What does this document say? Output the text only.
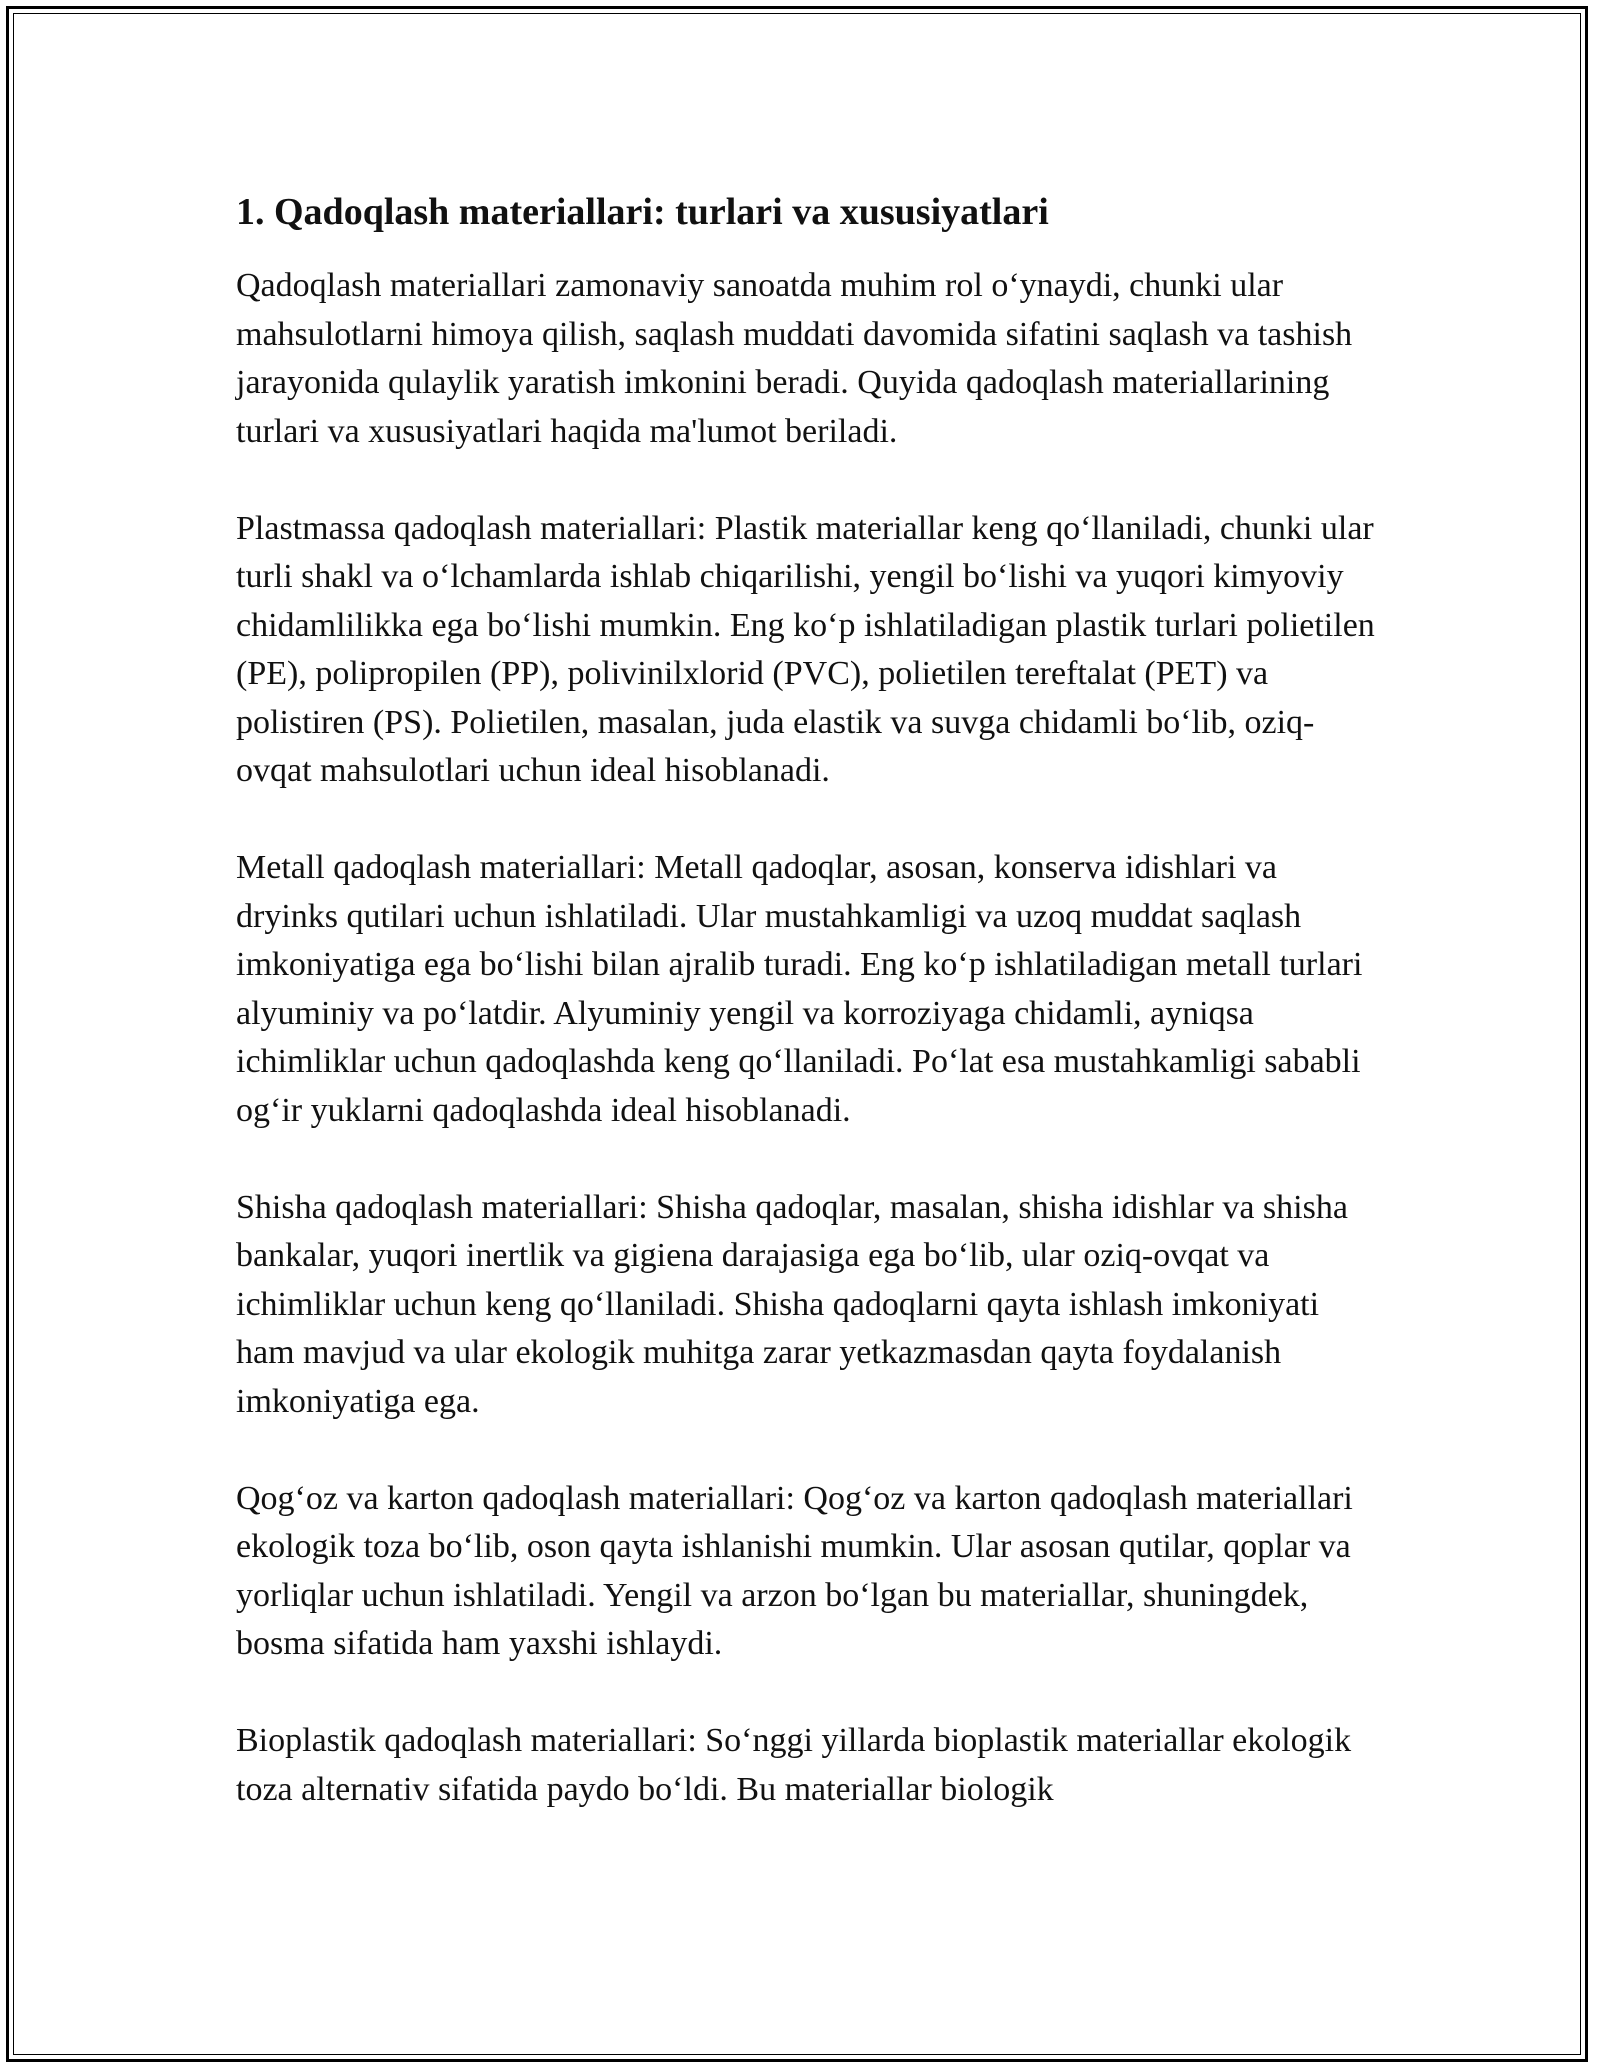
1. Qadoqlash materiallari: turlari va xususiyatlari

Qadoqlash materiallari zamonaviy sanoatda muhim rol oʻynaydi, chunki ular mahsulotlarni himoya qilish, saqlash muddati davomida sifatini saqlash va tashish jarayonida qulaylik yaratish imkonini beradi. Quyida qadoqlash materiallarining turlari va xususiyatlari haqida ma'lumot beriladi.

Plastmassa qadoqlash materiallari: Plastik materiallar keng qoʻllaniladi, chunki ular turli shakl va oʻlchamlarda ishlab chiqarilishi, yengil boʻlishi va yuqori kimyoviy chidamlilikka ega boʻlishi mumkin. Eng koʻp ishlatiladigan plastik turlari polietilen (PE), polipropilen (PP), polivinilxlorid (PVC), polietilen tereftalat (PET) va polistiren (PS). Polietilen, masalan, juda elastik va suvga chidamli boʻlib, oziq-ovqat mahsulotlari uchun ideal hisoblanadi.

Metall qadoqlash materiallari: Metall qadoqlar, asosan, konserva idishlari va dryinks qutilari uchun ishlatiladi. Ular mustahkamligi va uzoq muddat saqlash imkoniyatiga ega boʻlishi bilan ajralib turadi. Eng koʻp ishlatiladigan metall turlari alyuminiy va poʻlatdir. Alyuminiy yengil va korroziyaga chidamli, ayniqsa ichimliklar uchun qadoqlashda keng qoʻllaniladi. Poʻlat esa mustahkamligi sababli ogʻir yuklarni qadoqlashda ideal hisoblanadi.

Shisha qadoqlash materiallari: Shisha qadoqlar, masalan, shisha idishlar va shisha bankalar, yuqori inertlik va gigiena darajasiga ega boʻlib, ular oziq-ovqat va ichimliklar uchun keng qoʻllaniladi. Shisha qadoqlarni qayta ishlash imkoniyati ham mavjud va ular ekologik muhitga zarar yetkazmasdan qayta foydalanish imkoniyatiga ega.

Qogʻoz va karton qadoqlash materiallari: Qogʻoz va karton qadoqlash materiallari ekologik toza boʻlib, oson qayta ishlanishi mumkin. Ular asosan qutilar, qoplar va yorliqlar uchun ishlatiladi. Yengil va arzon boʻlgan bu materiallar, shuningdek, bosma sifatida ham yaxshi ishlaydi.

Bioplastik qadoqlash materiallari: Soʻnggi yillarda bioplastik materiallar ekologik toza alternativ sifatida paydo boʻldi. Bu materiallar biologik
